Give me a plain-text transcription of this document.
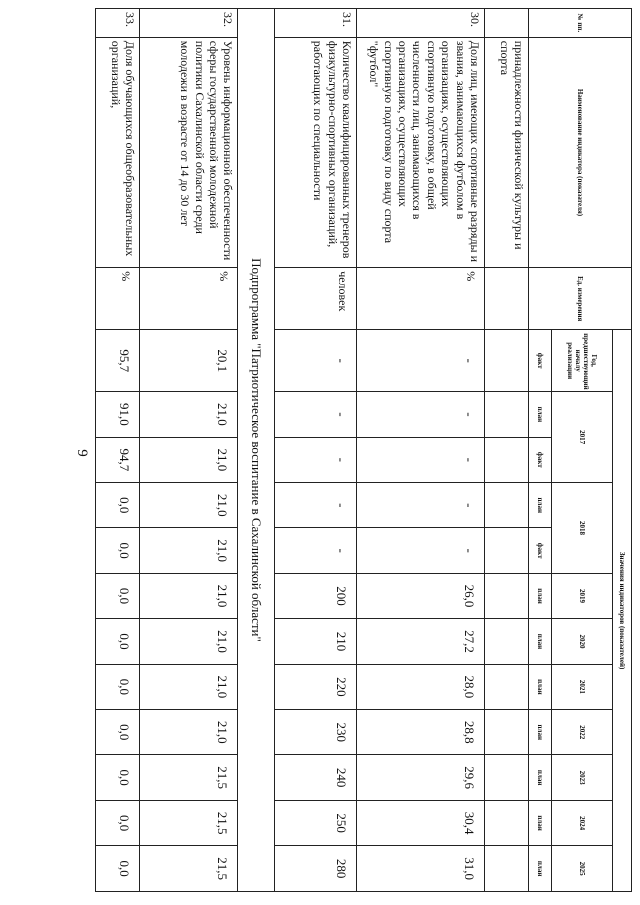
9
№ пп.	Наименование индикатора (показателя)	Ед. измерения	Значения индикаторов (показателей)											
			Год, предшествующий началу реализации	2017		2018		2019	2020	2021	2022	2023	2024	2025

			факт	план	факт	план	факт	план	план	план	план	план	план	план
	принадлежности физической культуры и спорта													
30.	Доля лиц, имеющих спортивные разряды и звания, занимающихся футболом в организациях, осуществляющих спортивную подготовку, в общей численности лиц, занимающихся в организациях, осуществляющих спортивную подготовку по виду спорта "футбол"	%	-	-	-	-	-	26,0	27,2	28,0	28,8	29,6	30,4	31,0
31.	Количество квалифицированных тренеров физкультурно-спортивных организаций, работающих по специальности	человек	-	-	-	-	-	200	210	220	230	240	250	280
Подпрограмма "Патриотическое воспитание в Сахалинской области"														
32.	Уровень информационной обеспеченности сферы государственной молодежной политики Сахалинской области среди молодежи в возрасте от 14 до 30 лет	%	20,1	21,0	21,0	21,0	21,0	21,0	21,0	21,0	21,0	21,5	21,5	21,5
33.	Доля обучающихся общеобразовательных организаций,	%	95,7	91,0	94,7	0,0	0,0	0,0	0,0	0,0	0,0	0,0	0,0	0,0
